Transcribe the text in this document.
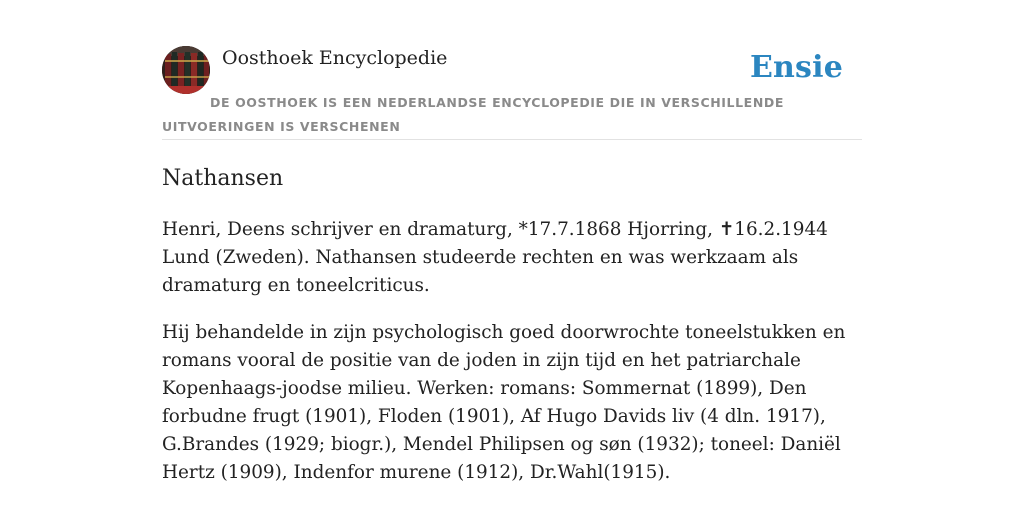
Oosthoek Encyclopedie	Ensie
DE OOSTHOEK IS EEN NEDERLANDSE ENCYCLOPEDIE DIE IN VERSCHILLENDE UITVOERINGEN IS VERSCHENEN
Nathansen

Henri, Deens schrijver en dramaturg, *17.7.1868 Hjorring, ✝16.2.1944 Lund (Zweden). Nathansen studeerde rechten en was werkzaam als dramaturg en toneelcriticus.

Hij behandelde in zijn psychologisch goed doorwrochte toneelstukken en romans vooral de positie van de joden in zijn tijd en het patriarchale Kopenhaags-joodse milieu. Werken: romans: Sommernat (1899), Den forbudne frugt (1901), Floden (1901), Af Hugo Davids liv (4 dln. 1917), G.Brandes (1929; biogr.), Mendel Philipsen og søn (1932); toneel: Daniël Hertz (1909), Indenfor murene (1912), Dr.Wahl(1915).
